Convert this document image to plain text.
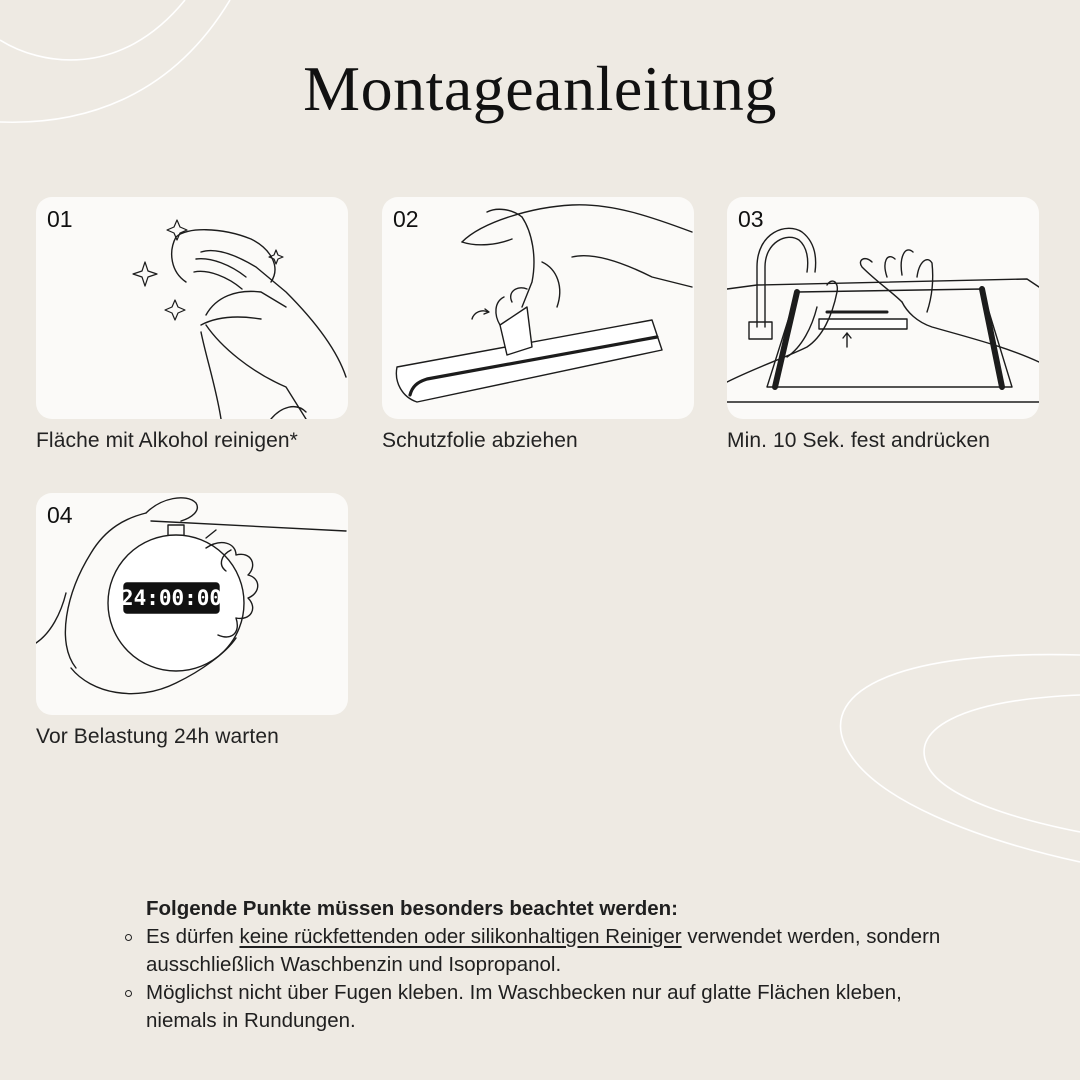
Montageanleitung
01
Fläche mit Alkohol reinigen*
02
Schutzfolie abziehen
03
Min. 10 Sek. fest andrücken
04
24:00:00
Vor Belastung 24h warten
Folgende Punkte müssen besonders beachtet werden:
Es dürfen keine rückfettenden oder silikonhaltigen Reiniger verwendet werden, sondern ausschließlich Waschbenzin und Isopropanol.
Möglichst nicht über Fugen kleben. Im Waschbecken nur auf glatte Flächen kleben, niemals in Rundungen.
